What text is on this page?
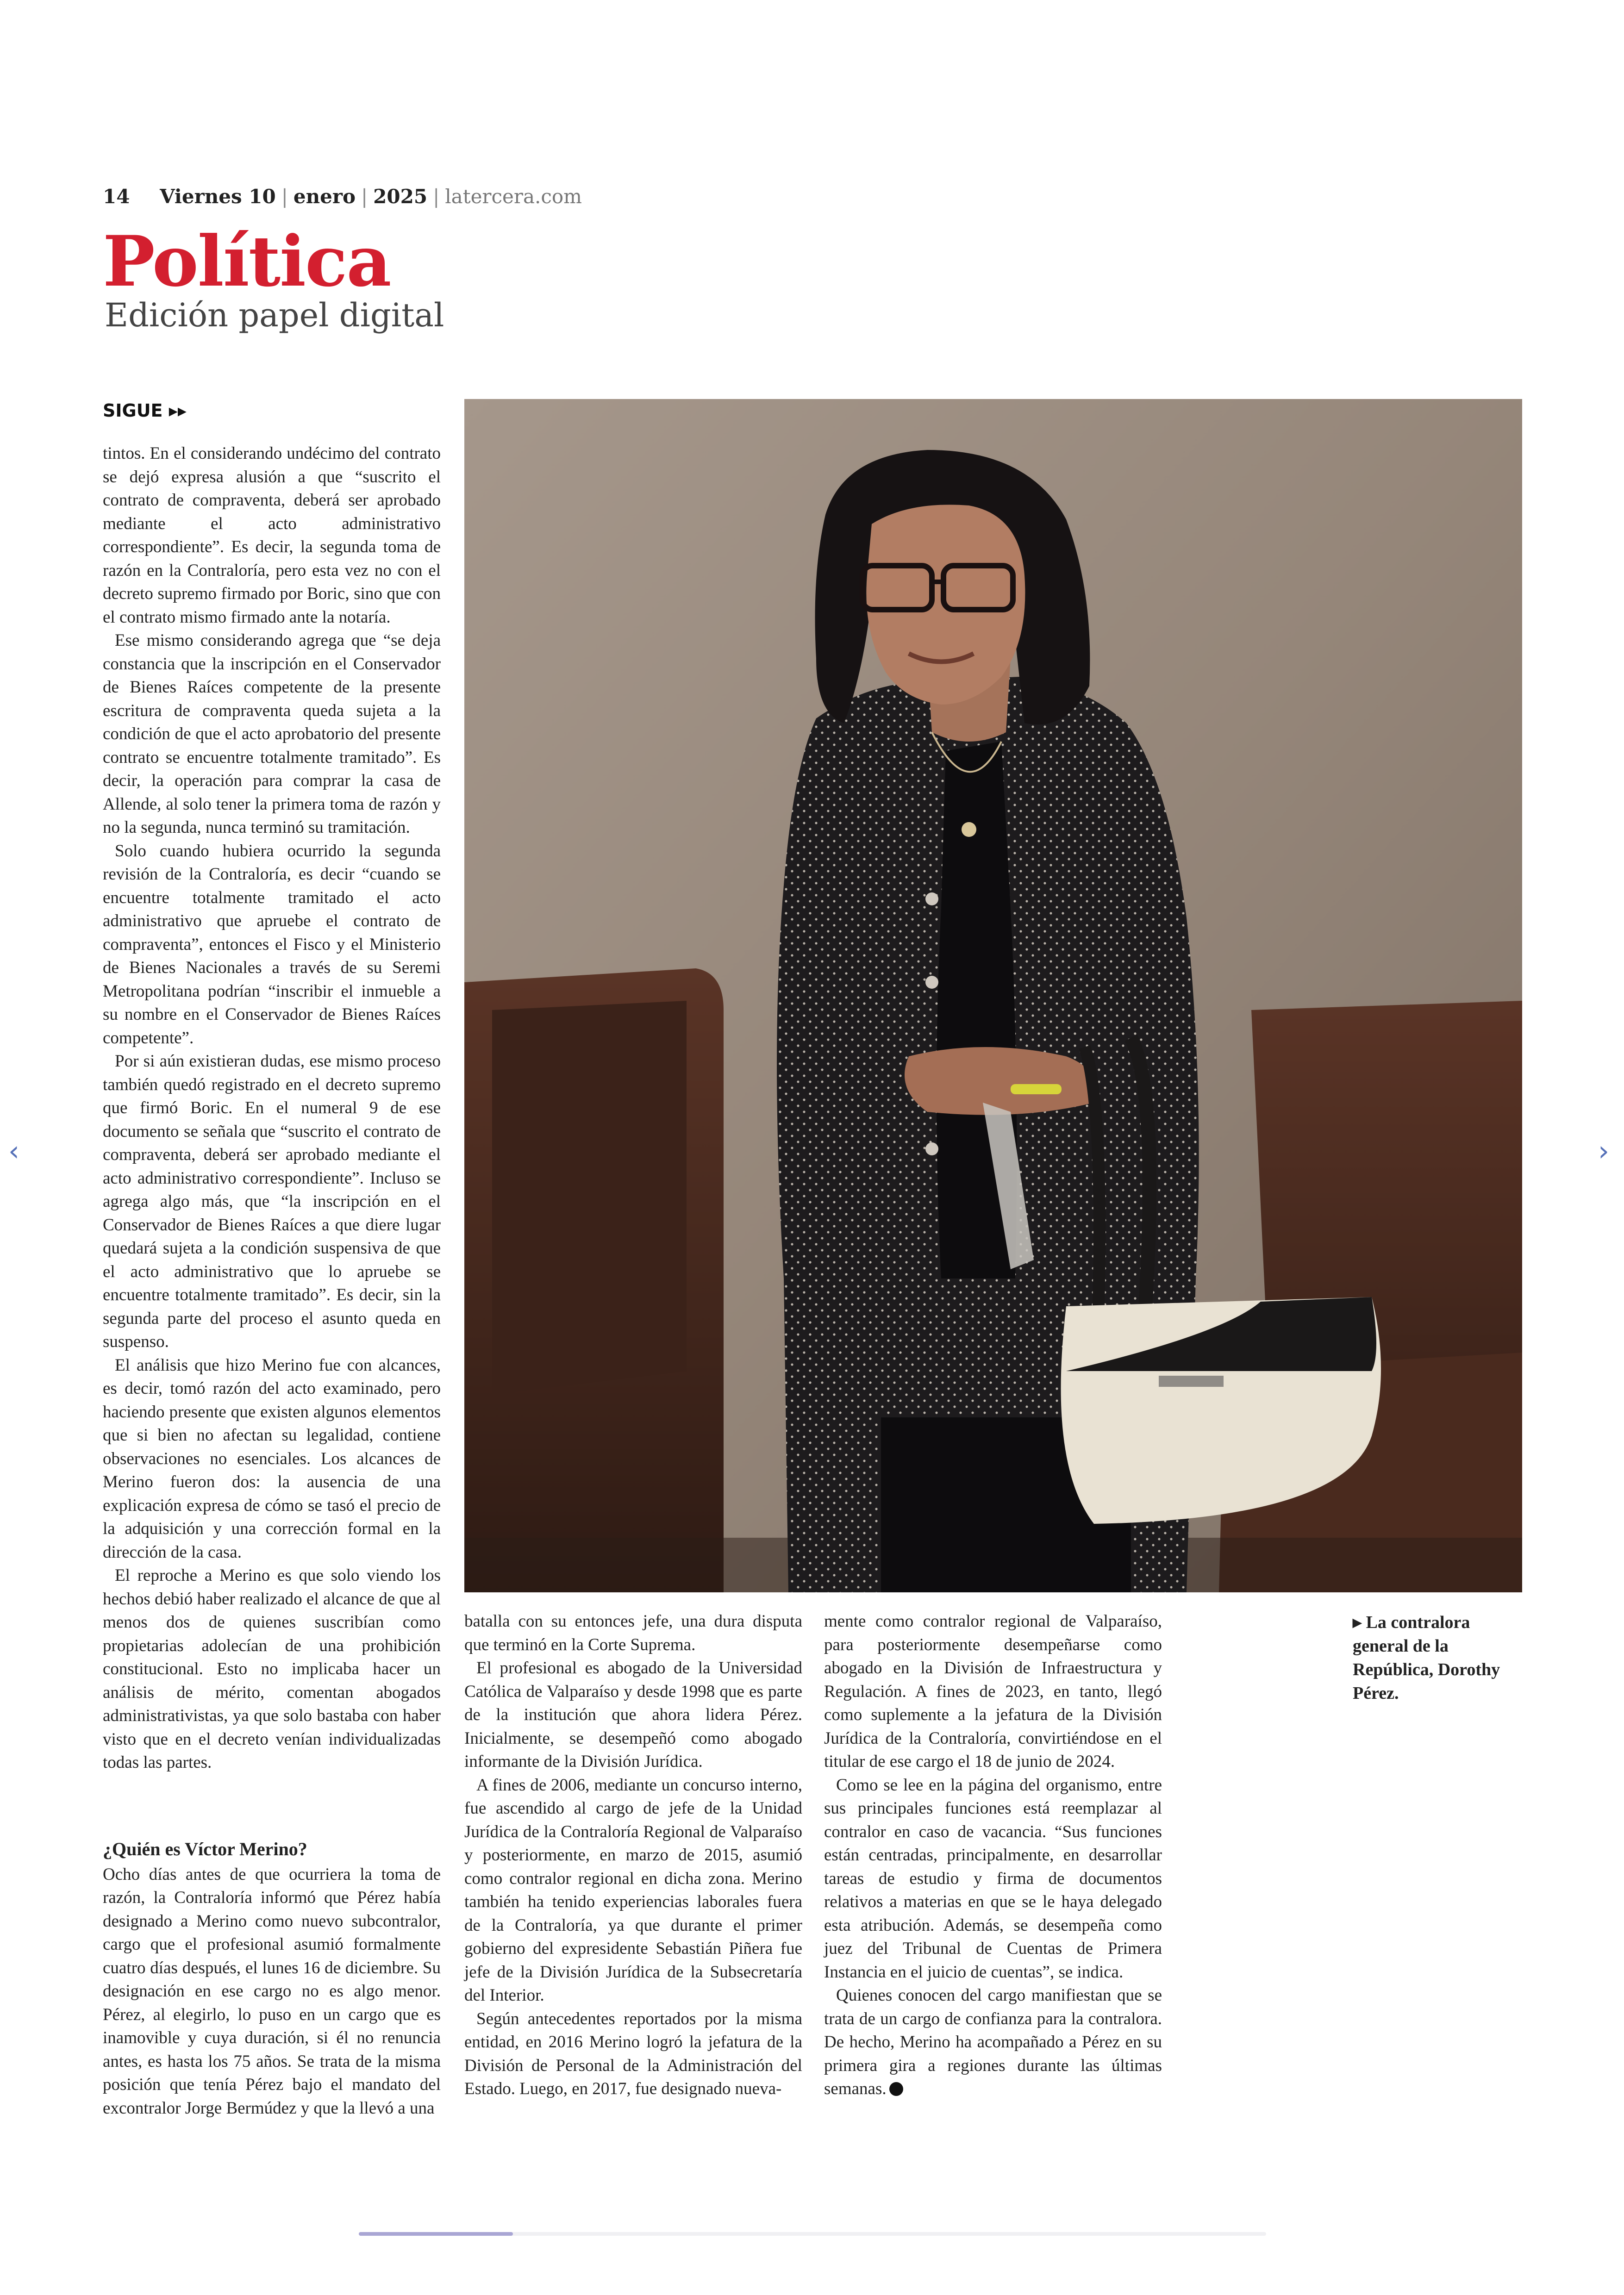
14 Viernes 10 | enero | 2025 | latercera.com
Política
Edición papel digital
SIGUE ▸▸

tintos. En el considerando undécimo del contrato se dejó expresa alusión a que “suscrito el contrato de compraventa, deberá ser aprobado mediante el acto administrativo correspondiente”. Es decir, la segunda toma de razón en la Contraloría, pero esta vez no con el decreto supremo firmado por Boric, sino que con el contrato mismo firmado ante la notaría.

Ese mismo considerando agrega que “se deja constancia que la inscripción en el Conservador de Bienes Raíces competente de la presente escritura de compraventa queda sujeta a la condición de que el acto aprobatorio del presente contrato se encuentre totalmente tramitado”. Es decir, la operación para comprar la casa de Allende, al solo tener la primera toma de razón y no la segunda, nunca terminó su tramitación.

Solo cuando hubiera ocurrido la segunda revisión de la Contraloría, es decir “cuando se encuentre totalmente tramitado el acto administrativo que apruebe el contrato de compraventa”, entonces el Fisco y el Ministerio de Bienes Nacionales a través de su Seremi Metropolitana podrían “inscribir el inmueble a su nombre en el Conservador de Bienes Raíces competente”.

Por si aún existieran dudas, ese mismo proceso también quedó registrado en el decreto supremo que firmó Boric. En el numeral 9 de ese documento se señala que “suscrito el contrato de compraventa, deberá ser aprobado mediante el acto administrativo correspondiente”. Incluso se agrega algo más, que “la inscripción en el Conservador de Bienes Raíces a que diere lugar quedará sujeta a la condición suspensiva de que el acto administrativo que lo apruebe se encuentre totalmente tramitado”. Es decir, sin la segunda parte del proceso el asunto queda en suspenso.

El análisis que hizo Merino fue con alcances, es decir, tomó razón del acto examinado, pero haciendo presente que existen algunos elementos que si bien no afectan su legalidad, contiene observaciones no esenciales. Los alcances de Merino fueron dos: la ausencia de una explicación expresa de cómo se tasó el precio de la adquisición y una corrección formal en la dirección de la casa.

El reproche a Merino es que solo viendo los hechos debió haber realizado el alcance de que al menos dos de quienes suscribían como propietarias adolecían de una prohibición constitucional. Esto no implicaba hacer un análisis de mérito, comentan abogados administrativistas, ya que solo bastaba con haber visto que en el decreto venían individualizadas todas las partes.

¿Quién es Víctor Merino?

Ocho días antes de que ocurriera la toma de razón, la Contraloría informó que Pérez había designado a Merino como nuevo subcontralor, cargo que el profesional asumió formalmente cuatro días después, el lunes 16 de diciembre. Su designación en ese cargo no es algo menor. Pérez, al elegirlo, lo puso en un cargo que es inamovible y cuya duración, si él no renuncia antes, es hasta los 75 años. Se trata de la misma posición que tenía Pérez bajo el mandato del excontralor Jorge Bermúdez y que la llevó a una

batalla con su entonces jefe, una dura disputa que terminó en la Corte Suprema.

El profesional es abogado de la Universidad Católica de Valparaíso y desde 1998 que es parte de la institución que ahora lidera Pérez. Inicialmente, se desempeñó como abogado informante de la División Jurídica.

A fines de 2006, mediante un concurso interno, fue ascendido al cargo de jefe de la Unidad Jurídica de la Contraloría Regional de Valparaíso y posteriormente, en marzo de 2015, asumió como contralor regional en dicha zona. Merino también ha tenido experiencias laborales fuera de la Contraloría, ya que durante el primer gobierno del expresidente Sebastián Piñera fue jefe de la División Jurídica de la Subsecretaría del Interior.

Según antecedentes reportados por la misma entidad, en 2016 Merino logró la jefatura de la División de Personal de la Administración del Estado. Luego, en 2017, fue designado nueva-

mente como contralor regional de Valparaíso, para posteriormente desempeñarse como abogado en la División de Infraestructura y Regulación. A fines de 2023, en tanto, llegó como suplemente a la jefatura de la División Jurídica de la Contraloría, convirtiéndose en el titular de ese cargo el 18 de junio de 2024.

Como se lee en la página del organismo, entre sus principales funciones está reemplazar al contralor en caso de vacancia. “Sus funciones están centradas, principalmente, en desarrollar tareas de estudio y firma de documentos relativos a materias en que se le haya delegado esta atribución. Además, se desempeña como juez del Tribunal de Cuentas de Primera Instancia en el juicio de cuentas”, se indica.

Quienes conocen del cargo manifiestan que se trata de un cargo de confianza para la contralora. De hecho, Merino ha acompañado a Pérez en su primera gira a regiones durante las últimas semanas.

▸ La contralora general de la República, Dorothy Pérez.
‹	›
